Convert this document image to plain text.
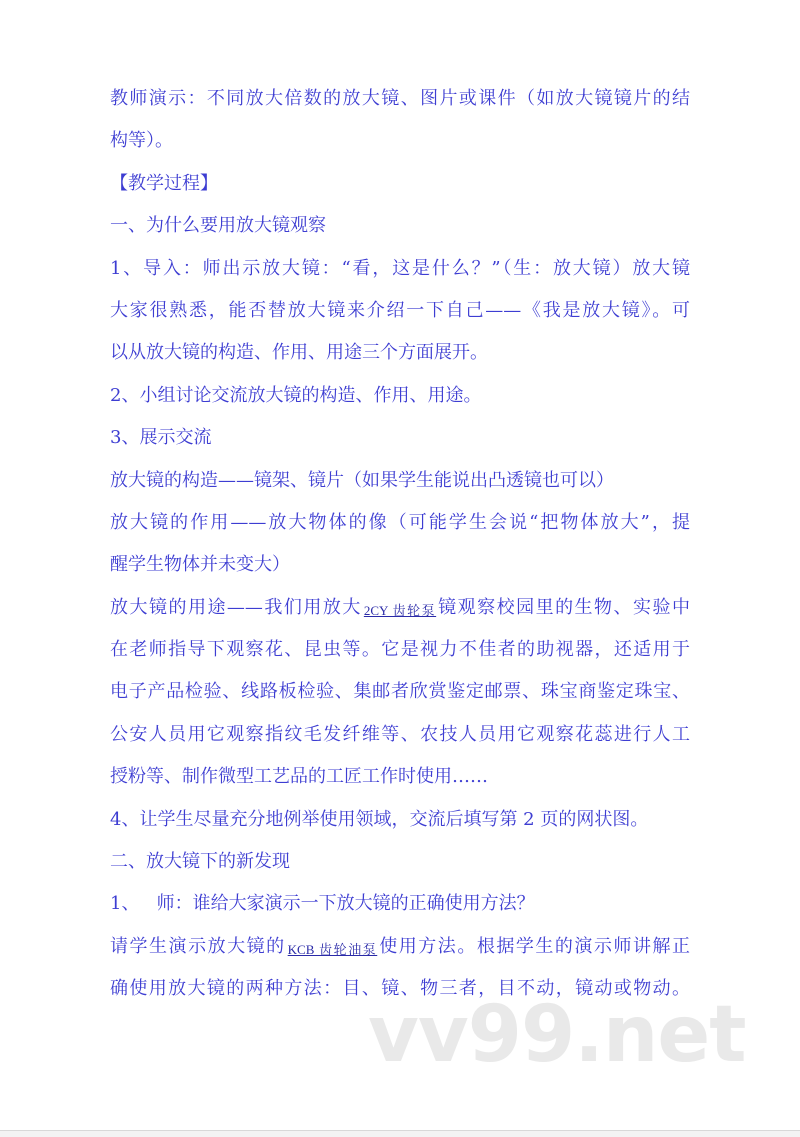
教师演示：不同放大倍数的放大镜、图片或课件（如放大镜镜片的结
构等）。
【教学过程】
一、为什么要用放大镜观察
1、导入：师出示放大镜：“看，这是什么？”（生：放大镜）放大镜
大家很熟悉，能否替放大镜来介绍一下自己——《我是放大镜》。可
以从放大镜的构造、作用、用途三个方面展开。
2、小组讨论交流放大镜的构造、作用、用途。
3、展示交流
放大镜的构造——镜架、镜片（如果学生能说出凸透镜也可以）
放大镜的作用——放大物体的像（可能学生会说“把物体放大”，提
醒学生物体并未变大）
放大镜的用途——我们用放大 2CY 齿轮泵 镜观察校园里的生物、实验中
在老师指导下观察花、昆虫等。它是视力不佳者的助视器，还适用于
电子产品检验、线路板检验、集邮者欣赏鉴定邮票、珠宝商鉴定珠宝、
公安人员用它观察指纹毛发纤维等、农技人员用它观察花蕊进行人工
授粉等、制作微型工艺品的工匠工作时使用……
4、让学生尽量充分地例举使用领域，交流后填写第 2 页的网状图。
二、放大镜下的新发现
1、   师：谁给大家演示一下放大镜的正确使用方法？
请学生演示放大镜的 KCB 齿轮油泵 使用方法。根据学生的演示师讲解正
确使用放大镜的两种方法：目、镜、物三者，目不动，镜动或物动。
vv99.net
